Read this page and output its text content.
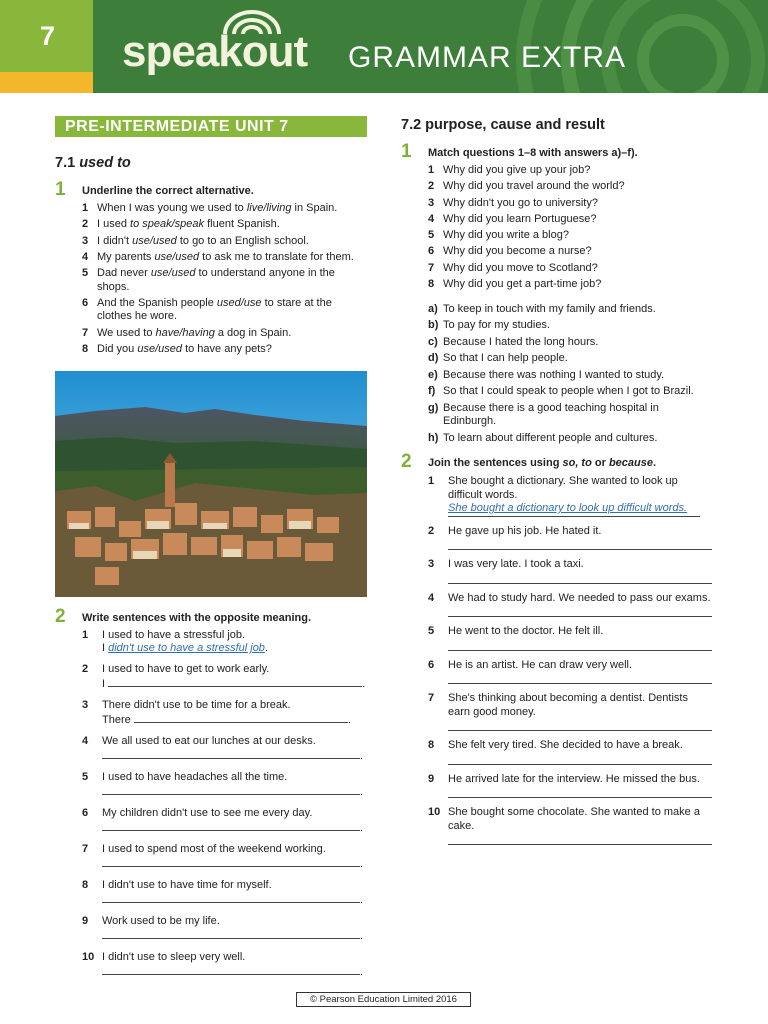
7	speakout GRAMMAR EXTRA
PRE-INTERMEDIATE UNIT 7
7.1 used to
1 Underline the correct alternative.
1 When I was young we used to live/living in Spain.
2 I used to speak/speak fluent Spanish.
3 I didn't use/used to go to an English school.
4 My parents use/used to ask me to translate for them.
5 Dad never use/used to understand anyone in the shops.
6 And the Spanish people used/use to stare at the clothes he wore.
7 We used to have/having a dog in Spain.
8 Did you use/used to have any pets?
2 Write sentences with the opposite meaning.
1 I used to have a stressful job.
I didn't use to have a stressful job.
2 I used to have to get to work early.
I	.
3 There didn't use to be time for a break.
There	.
4 We all used to eat our lunches at our desks.
.
5 I used to have headaches all the time.
.
6 My children didn't use to see me every day.
.
7 I used to spend most of the weekend working.
.
8 I didn't use to have time for myself.
.
9 Work used to be my life.
.
10 I didn't use to sleep very well.
.
7.2 purpose, cause and result
1 Match questions 1–8 with answers a)–f).
1 Why did you give up your job?
2 Why did you travel around the world?
3 Why didn't you go to university?
4 Why did you learn Portuguese?
5 Why did you write a blog?
6 Why did you become a nurse?
7 Why did you move to Scotland?
8 Why did you get a part-time job?
a) To keep in touch with my family and friends.
b) To pay for my studies.
c) Because I hated the long hours.
d) So that I can help people.
e) Because there was nothing I wanted to study.
f) So that I could speak to people when I got to Brazil.
g) Because there is a good teaching hospital in Edinburgh.
h) To learn about different people and cultures.
2 Join the sentences using so, to or because.
1 She bought a dictionary. She wanted to look up difficult words.
She bought a dictionary to look up difficult words.
2 He gave up his job. He hated it.
3 I was very late. I took a taxi.
4 We had to study hard. We needed to pass our exams.
5 He went to the doctor. He felt ill.
6 He is an artist. He can draw very well.
7 She's thinking about becoming a dentist. Dentists earn good money.
8 She felt very tired. She decided to have a break.
9 He arrived late for the interview. He missed the bus.
10 She bought some chocolate. She wanted to make a cake.
© Pearson Education Limited 2016
